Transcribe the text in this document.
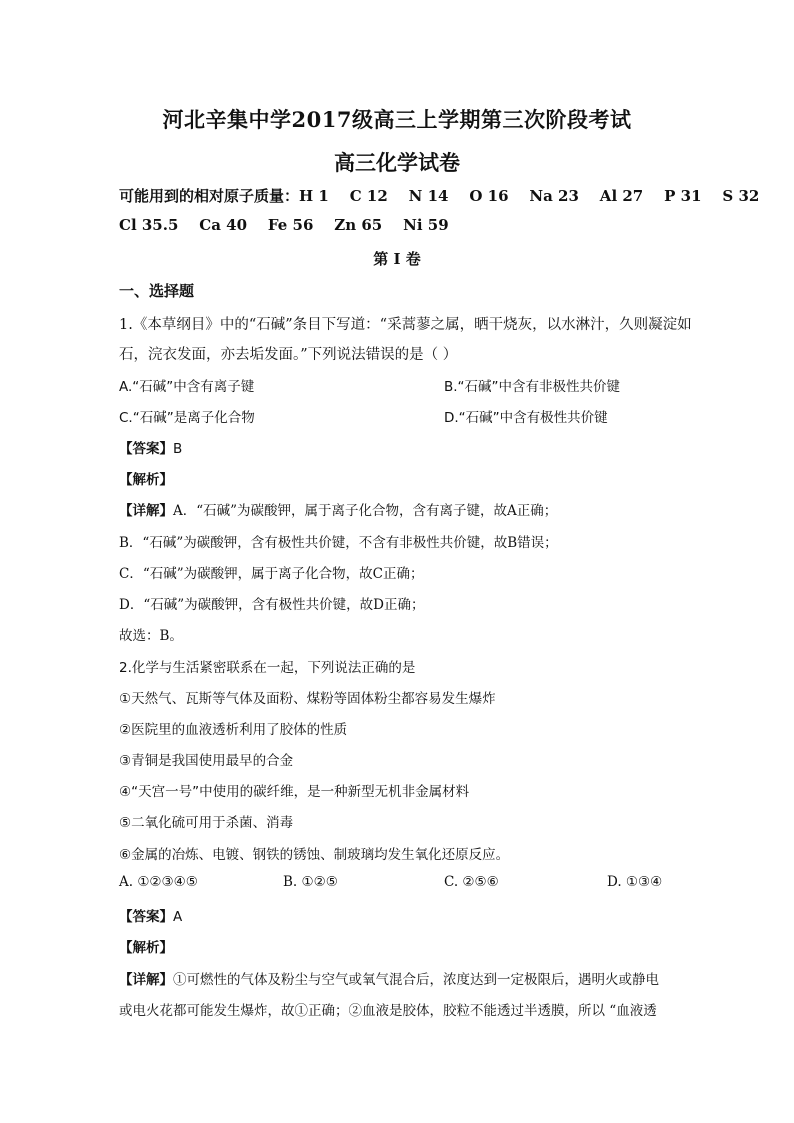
河北辛集中学2017级高三上学期第三次阶段考试
高三化学试卷
可能用到的相对原子质量：H 1    C 12    N 14    O 16    Na 23    Al 27    P 31    S 32
Cl 35.5    Ca 40    Fe 56    Zn 65    Ni 59
第 I 卷
一、选择题
1.《本草纲目》中的“石碱”条目下写道：“采蒿蓼之属，晒干烧灰，以水淋汁，久则凝淀如
石，浣衣发面，亦去垢发面。”下列说法错误的是（ ）
A.“石碱”中含有离子键	B.“石碱”中含有非极性共价键
C.“石碱”是离子化合物	D.“石碱”中含有极性共价键
【答案】B
【解析】
【详解】A．“石碱”为碳酸钾，属于离子化合物，含有离子键，故A正确；
B．“石碱”为碳酸钾，含有极性共价键，不含有非极性共价键，故B错误；
C．“石碱”为碳酸钾，属于离子化合物，故C正确；
D．“石碱”为碳酸钾，含有极性共价键，故D正确；
故选：B。
2.化学与生活紧密联系在一起，下列说法正确的是
①天然气、瓦斯等气体及面粉、煤粉等固体粉尘都容易发生爆炸
②医院里的血液透析利用了胶体的性质
③青铜是我国使用最早的合金
④“天宫一号”中使用的碳纤维，是一种新型无机非金属材料
⑤二氧化硫可用于杀菌、消毒
⑥金属的冶炼、电镀、钢铁的锈蚀、制玻璃均发生氧化还原反应。
A. ①②③④⑤	B. ①②⑤	C. ②⑤⑥	D. ①③④
【答案】A
【解析】
【详解】①可燃性的气体及粉尘与空气或氧气混合后，浓度达到一定极限后，遇明火或静电
或电火花都可能发生爆炸，故①正确；②血液是胶体，胶粒不能透过半透膜，所以 “血液透
